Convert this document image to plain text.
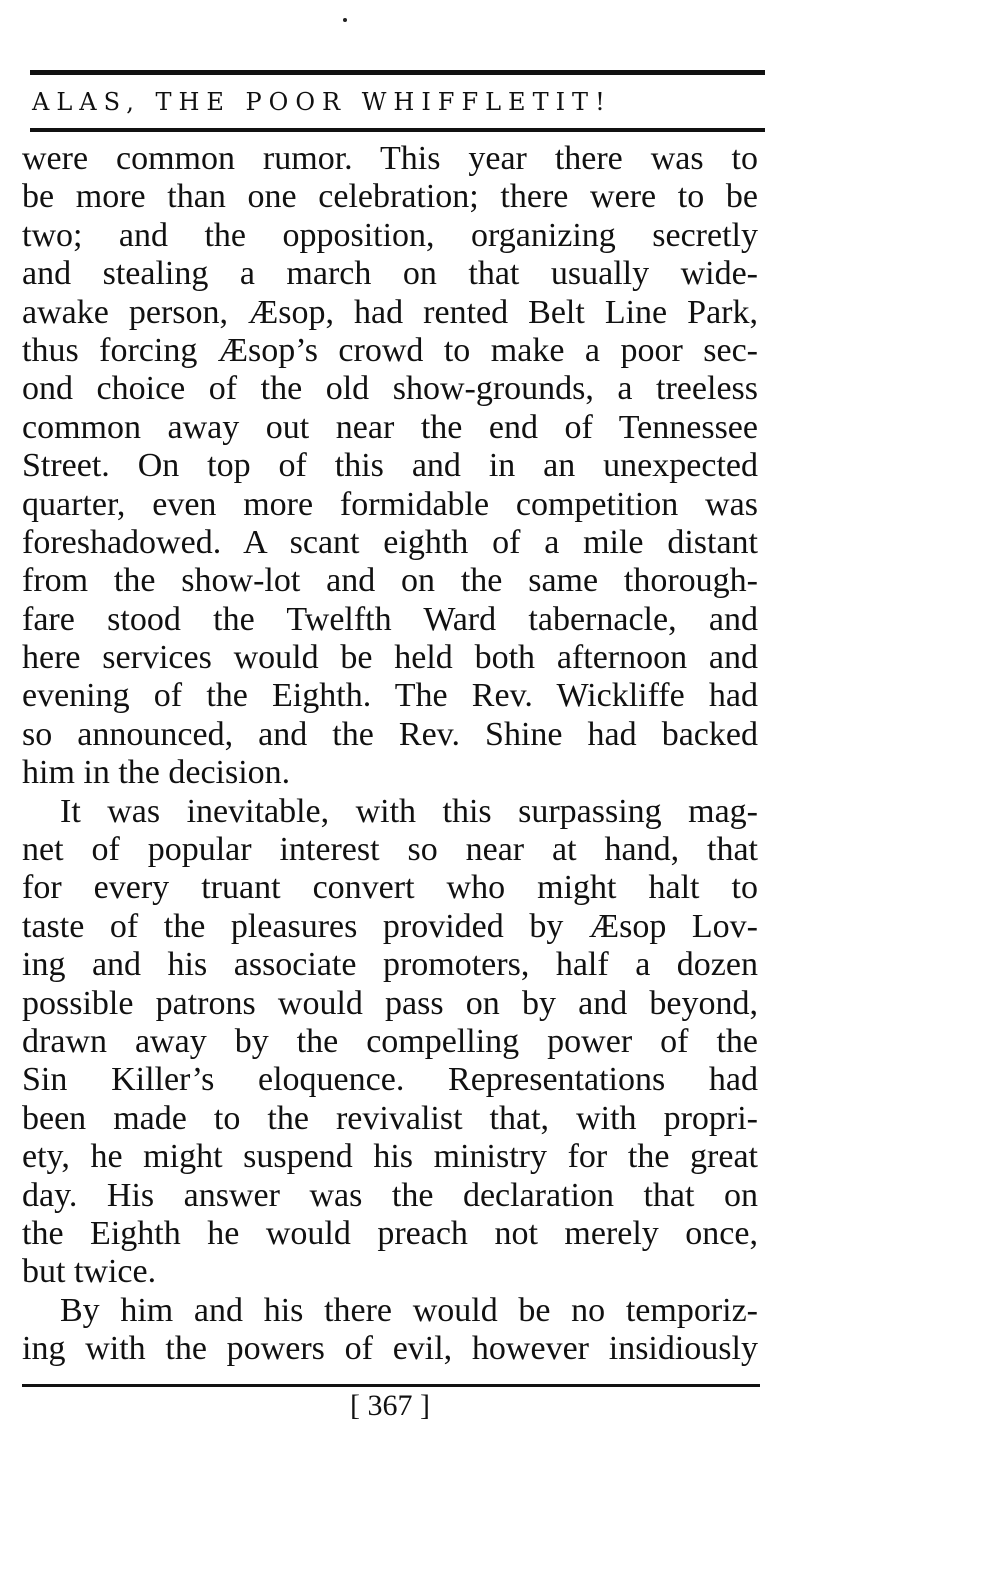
ALAS, THE POOR WHIFFLETIT!
were common rumor. This year there was to
be more than one celebration; there were to be
two; and the opposition, organizing secretly
and stealing a march on that usually wide-
awake person, Æsop, had rented Belt Line Park,
thus forcing Æsop’s crowd to make a poor sec-
ond choice of the old show-grounds, a treeless
common away out near the end of Tennessee
Street. On top of this and in an unexpected
quarter, even more formidable competition was
foreshadowed. A scant eighth of a mile distant
from the show-lot and on the same thorough-
fare stood the Twelfth Ward tabernacle, and
here services would be held both afternoon and
evening of the Eighth. The Rev. Wickliffe had
so announced, and the Rev. Shine had backed
him in the decision.
It was inevitable, with this surpassing mag-
net of popular interest so near at hand, that
for every truant convert who might halt to
taste of the pleasures provided by Æsop Lov-
ing and his associate promoters, half a dozen
possible patrons would pass on by and beyond,
drawn away by the compelling power of the
Sin Killer’s eloquence. Representations had
been made to the revivalist that, with propri-
ety, he might suspend his ministry for the great
day. His answer was the declaration that on
the Eighth he would preach not merely once,
but twice.
By him and his there would be no temporiz-
ing with the powers of evil, however insidiously
[ 367 ]
